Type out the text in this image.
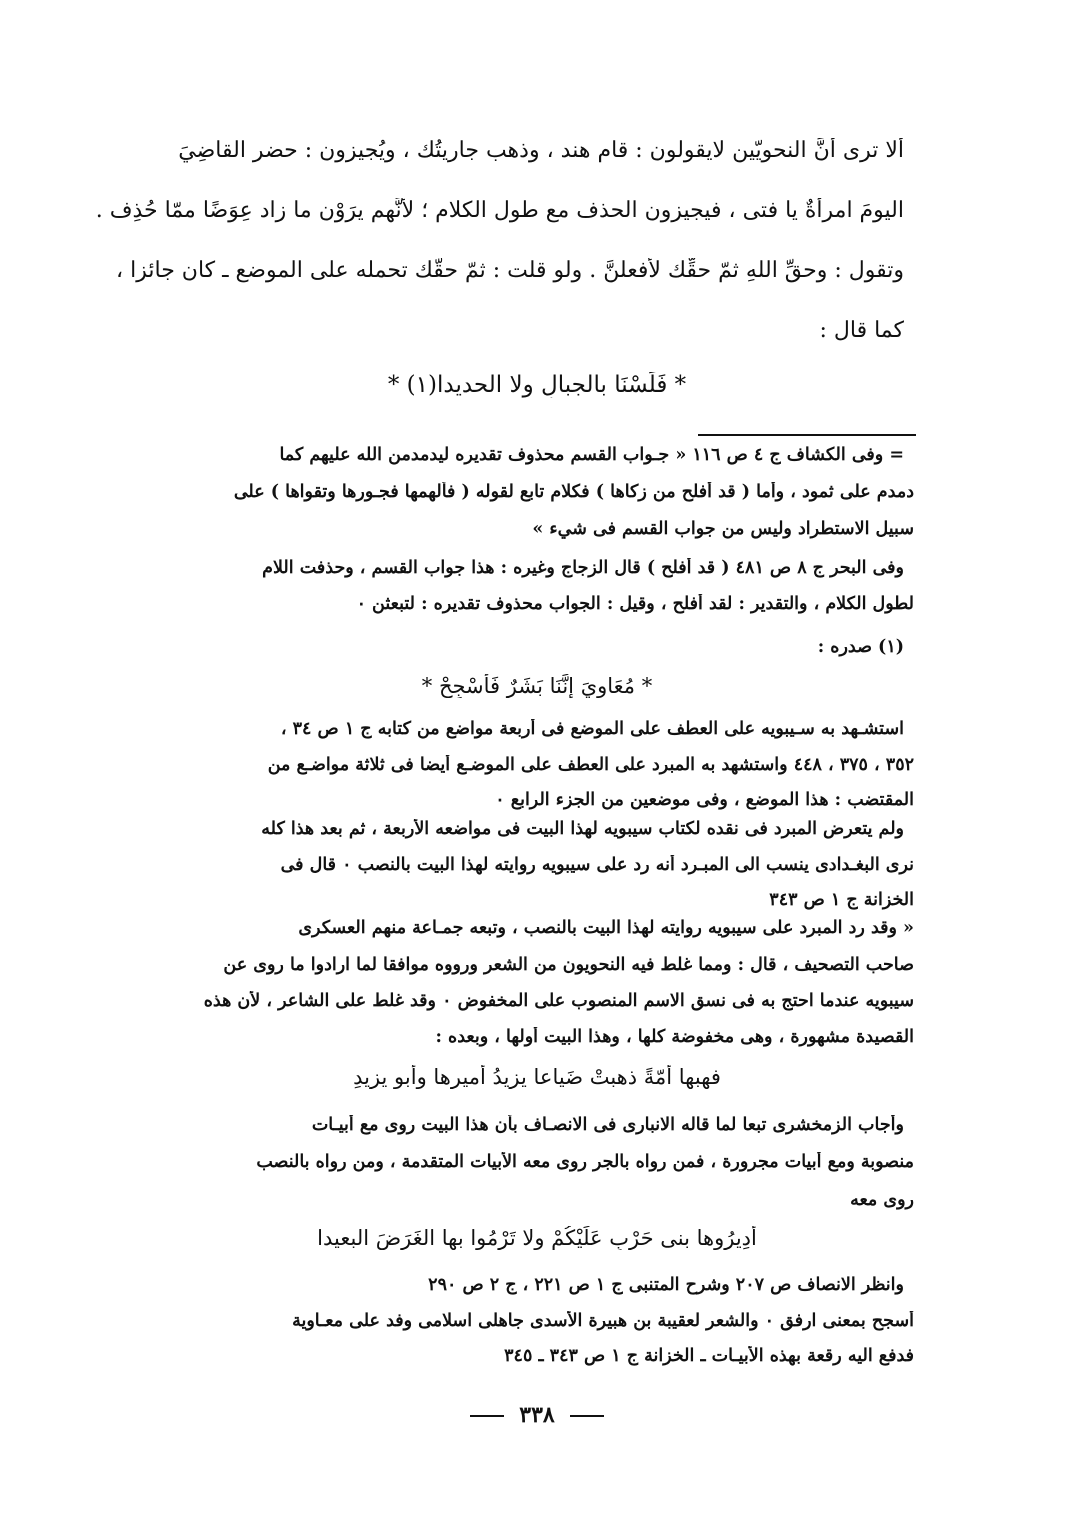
ألا ترى أنَّ النحويّين لايقولون : قام هند ، وذهب جاريتُك ، ويُجيزون : حضر القاضِيَ
اليومَ امرأةٌ يا فتى ، فيجيزون الحذف مع طول الكلام ؛ لأنَّهم يرَوْن ما زاد عِوَضًا ممّا حُذِف .
وتقول : وحقِّ اللهِ ثمّ حقِّك لأفعلنَّ . ولو قلت : ثمّ حقَّك تحمله على الموضع ـ كان جائزا ،
كما قال :
* فَلَسْنَا بالجبالِ ولا الحديدا(١) *
= وفى الكشاف ج ٤ ص ١١٦ « جـواب القسم محذوف تقديره ليدمدمن الله عليهم كما
دمدم على ثمود ، وأما ( قد أفلح من زكاها ) فكلام تابع لقوله ( فألهمها فجـورها وتقواها ) على
سبيل الاستطراد وليس من جواب القسم فى شيء »
وفى البحر ج ٨ ص ٤٨١ ( قد أفلح ) قال الزجاج وغيره : هذا جواب القسم ، وحذفت اللام
لطول الكلام ، والتقدير : لقد أفلح ، وقيل : الجواب محذوف تقديره : لتبعثن ٠
(١) صدره :
* مُعَاوِيَ إنَّنَا بَشَرٌ فَأَسْجِحْ *
استشـهد به سـيبويه على العطف على الموضع فى أربعة مواضع من كتابه ج ١ ص ٣٤ ،
٣٥٢ ، ٣٧٥ ، ٤٤٨ واستشهد به المبرد على العطف على الموضـع أيضا فى ثلاثة مواضـع من
المقتضب : هذا الموضع ، وفى موضعين من الجزء الرابع ٠
ولم يتعرض المبرد فى نقده لكتاب سيبويه لهذا البيت فى مواضعه الأربعة ، ثم بعد هذا كله
نرى البغـدادى ينسب الى المبـرد أنه رد على سيبويه روايته لهذا البيت بالنصب ٠ قال فى
الخزانة ج ١ ص ٣٤٣
« وقد رد المبرد على سيبويه روايته لهذا البيت بالنصب ، وتبعه جمـاعة منهم العسكرى
صاحب التصحيف ، قال : ومما غلط فيه النحويون من الشعر ورووه موافقا لما ارادوا ما روى عن
سيبويه عندما احتج به فى نسق الاسم المنصوب على المخفوض ٠ وقد غلط على الشاعر ، لأن هذه
القصيدة مشهورة ، وهى مخفوضة كلها ، وهذا البيت أولها ، وبعده :
فهبها أُمّةً ذهبتْ ضَياعا يزيدُ أميرها وأبو يزيدِ
وأجاب الزمخشرى تبعا لما قاله الانبارى فى الانصـاف بأن هذا البيت روى مع أبيـات
منصوبة ومع أبيات مجرورة ، فمن رواه بالجر روى معه الأبيات المتقدمة ، ومن رواه بالنصب
روى معه
أَدِيرُوها بنى حَرْبٍ عَلَيْكُمْ ولا تَرْمُوا بها الغَرَضَ البعيدا
وانظر الانصاف ص ٢٠٧ وشرح المتنبى ج ١ ص ٢٢١ ، ج ٢ ص ٢٩٠
أسجح بمعنى ارفق ٠ والشعر لعقيبة بن هبيرة الأسدى جاهلى اسلامى وفد على معـاوية
فدفع اليه رقعة بهذه الأبيـات ـ الخزانة ج ١ ص ٣٤٣ ـ ٣٤٥
٣٣٨
